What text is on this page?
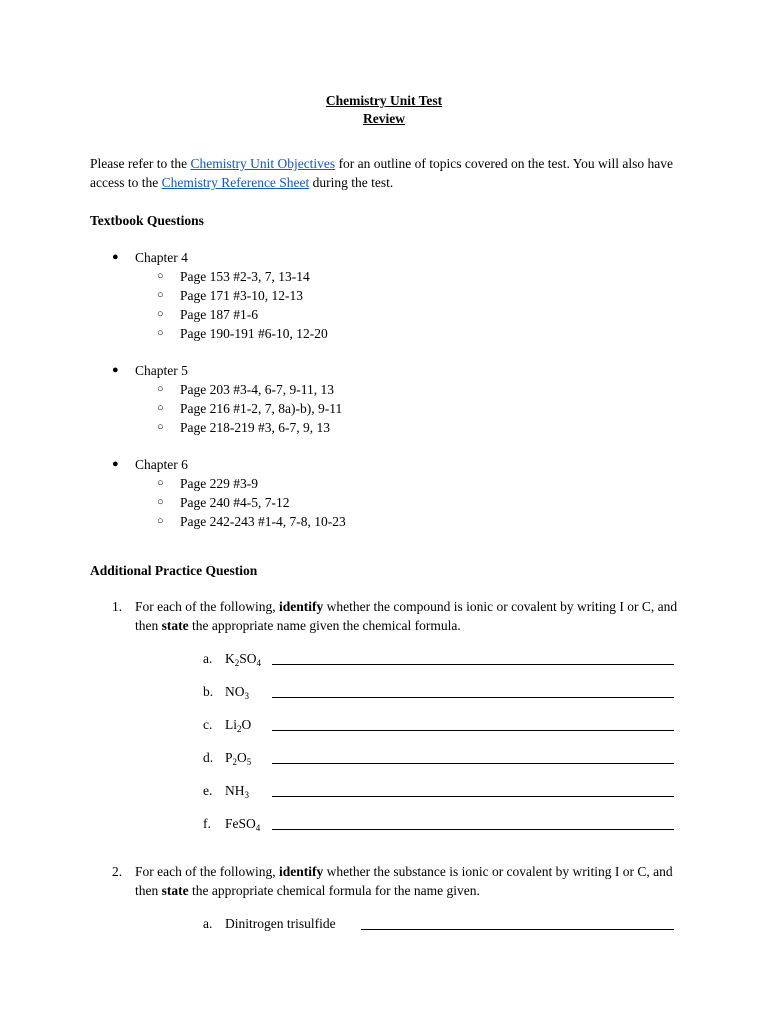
Chemistry Unit Test
Review
Please refer to the Chemistry Unit Objectives for an outline of topics covered on the test. You will also have access to the Chemistry Reference Sheet during the test.
Textbook Questions
● Chapter 4
○ Page 153 #2-3, 7, 13-14
○ Page 171 #3-10, 12-13
○ Page 187 #1-6
○ Page 190-191 #6-10, 12-20
● Chapter 5
○ Page 203 #3-4, 6-7, 9-11, 13
○ Page 216 #1-2, 7, 8a)-b), 9-11
○ Page 218-219 #3, 6-7, 9, 13
● Chapter 6
○ Page 229 #3-9
○ Page 240 #4-5, 7-12
○ Page 242-243 #1-4, 7-8, 10-23
Additional Practice Question
1. For each of the following, identify whether the compound is ionic or covalent by writing I or C, and then state the appropriate name given the chemical formula.
a. $K_2SO_4$
b. $NO_3$
c. $Li_2O$
d. $P_2O_5$
e. $NH_3$
f. FeSO$_4$
2. For each of the following, identify whether the substance is ionic or covalent by writing I or C, and then state the appropriate chemical formula for the name given.
a. Dinitrogen trisulfide
